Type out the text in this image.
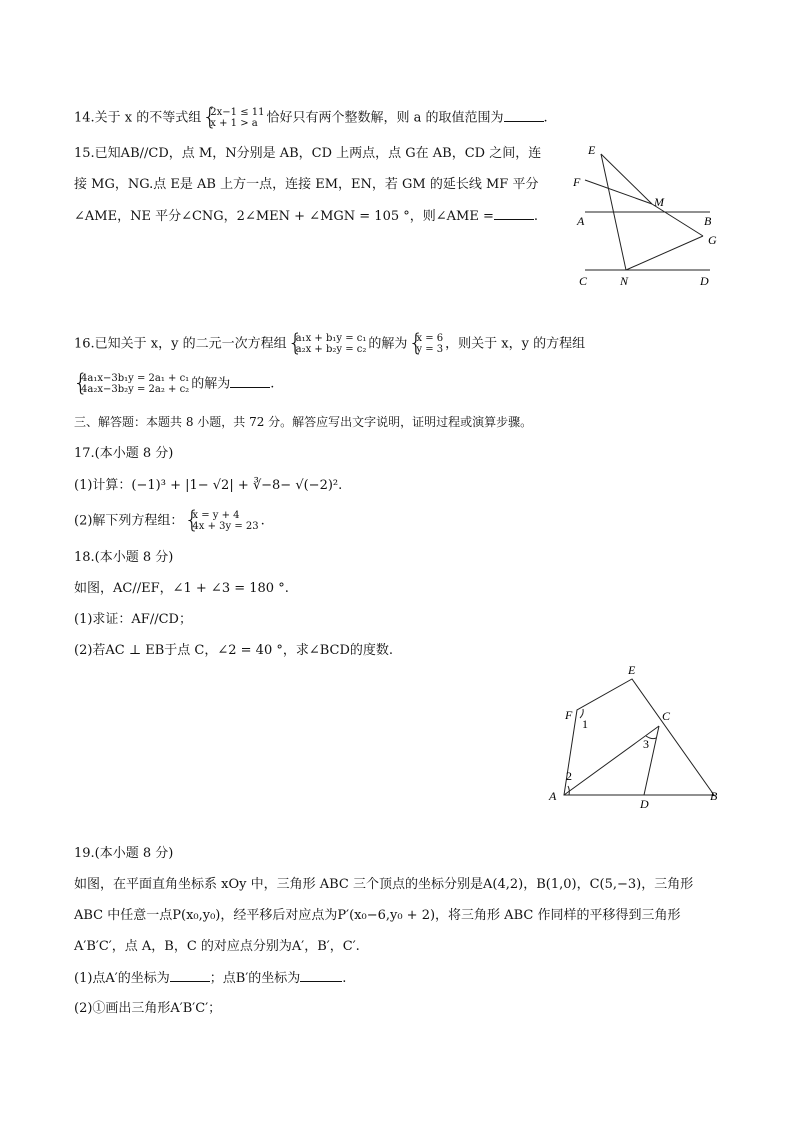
14.关于 x 的不等式组 { 2x−1 ≤ 11
x + 1 > a 恰好只有两个整数解，则 a 的取值范围为	.
15.已知AB//CD，点 M，N分别是 AB，CD 上两点，点 G在 AB，CD 之间，连
接 MG，NG.点 E是 AB 上方一点，连接 EM，EN，若 GM 的延长线 MF 平分
∠AME，NE 平分∠CNG，2∠MEN + ∠MGN = 105 °，则∠AME =	.
E
F
M
A	B
G
C	N	D
16.已知关于 x，y 的二元一次方程组 { a₁x + b₁y = c₁
a₂x + b₂y = c₂ 的解为 { x = 6
y = 3 ，则关于 x，y 的方程组
{ 4a₁x−3b₁y = 2a₁ + c₁
4a₂x−3b₂y = 2a₂ + c₂ 的解为	.
三、解答题：本题共 8 小题，共 72 分。解答应写出文字说明，证明过程或演算步骤。
17.(本小题 8 分)
(1)计算：(−1)³ + |1− √2| + ∛−8− √(−2)².
(2)解下列方程组： { x = y + 4
4x + 3y = 23 .
18.(本小题 8 分)
如图，AC//EF，∠1 + ∠3 = 180 °.
(1)求证：AF//CD；
(2)若AC ⊥ EB于点 C，∠2 = 40 °，求∠BCD的度数.
E
F
1
C
3
2
A
D
B
19.(本小题 8 分)
如图，在平面直角坐标系 xOy 中，三角形 ABC 三个顶点的坐标分别是A(4,2)，B(1,0)，C(5,−3)，三角形
ABC 中任意一点P(x₀,y₀)，经平移后对应点为P′(x₀−6,y₀ + 2)，将三角形 ABC 作同样的平移得到三角形
A′B′C′，点 A，B，C 的对应点分别为A′，B′，C′.
(1)点A′的坐标为	；点B′的坐标为	.
(2)①画出三角形A′B′C′；
